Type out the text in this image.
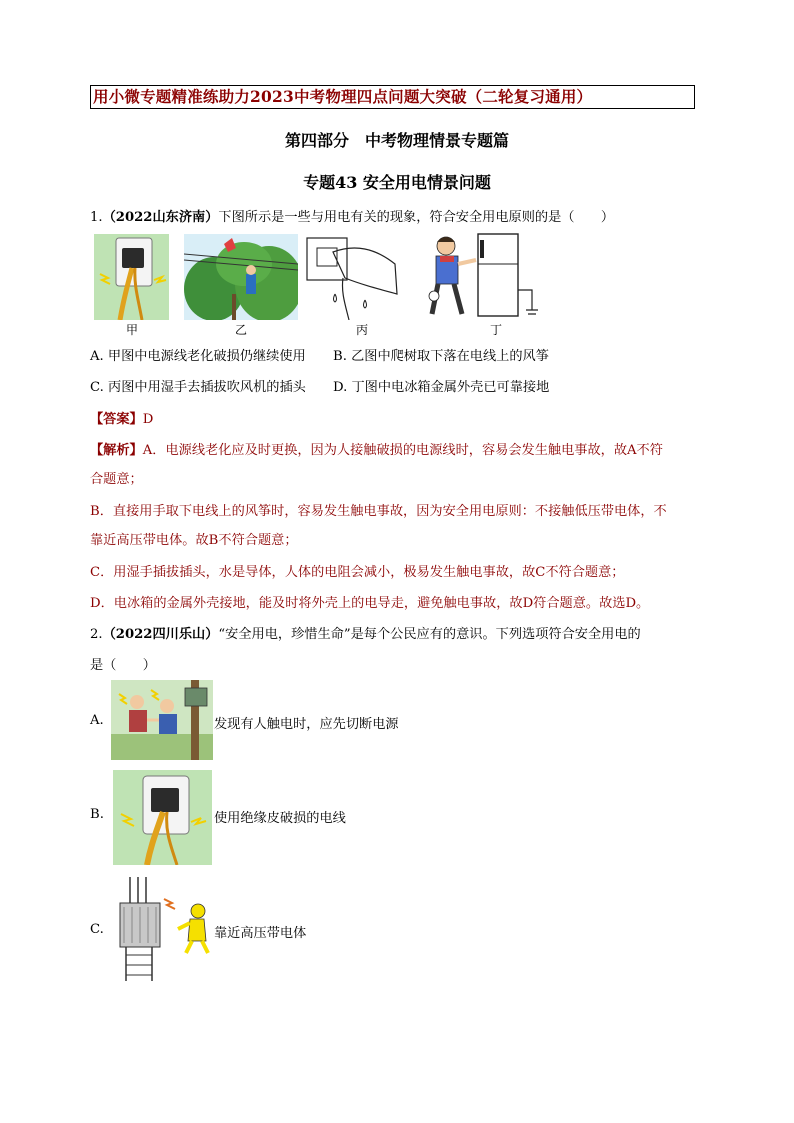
用小微专题精准练助力2023中考物理四点问题大突破（二轮复习通用）
第四部分　中考物理情景专题篇
专题43 安全用电情景问题
1.（2022山东济南）下图所示是一些与用电有关的现象，符合安全用电原则的是（　　）
甲	乙	丙	丁
A. 甲图中电源线老化破损仍继续使用 B. 乙图中爬树取下落在电线上的风筝
C. 丙图中用湿手去插拔吹风机的插头 D. 丁图中电冰箱金属外壳已可靠接地
【答案】D
【解析】A．电源线老化应及时更换，因为人接触破损的电源线时，容易会发生触电事故，故A不符
合题意；
B．直接用手取下电线上的风筝时，容易发生触电事故，因为安全用电原则：不接触低压带电体，不
靠近高压带电体。故B不符合题意；
C．用湿手插拔插头，水是导体，人体的电阻会减小，极易发生触电事故，故C不符合题意；
D．电冰箱的金属外壳接地，能及时将外壳上的电导走，避免触电事故，故D符合题意。故选D。
2.（2022四川乐山）“安全用电，珍惜生命”是每个公民应有的意识。下列选项符合安全用电的
是（　　）
A.	发现有人触电时，应先切断电源
B.	使用绝缘皮破损的电线
C.	靠近高压带电体
